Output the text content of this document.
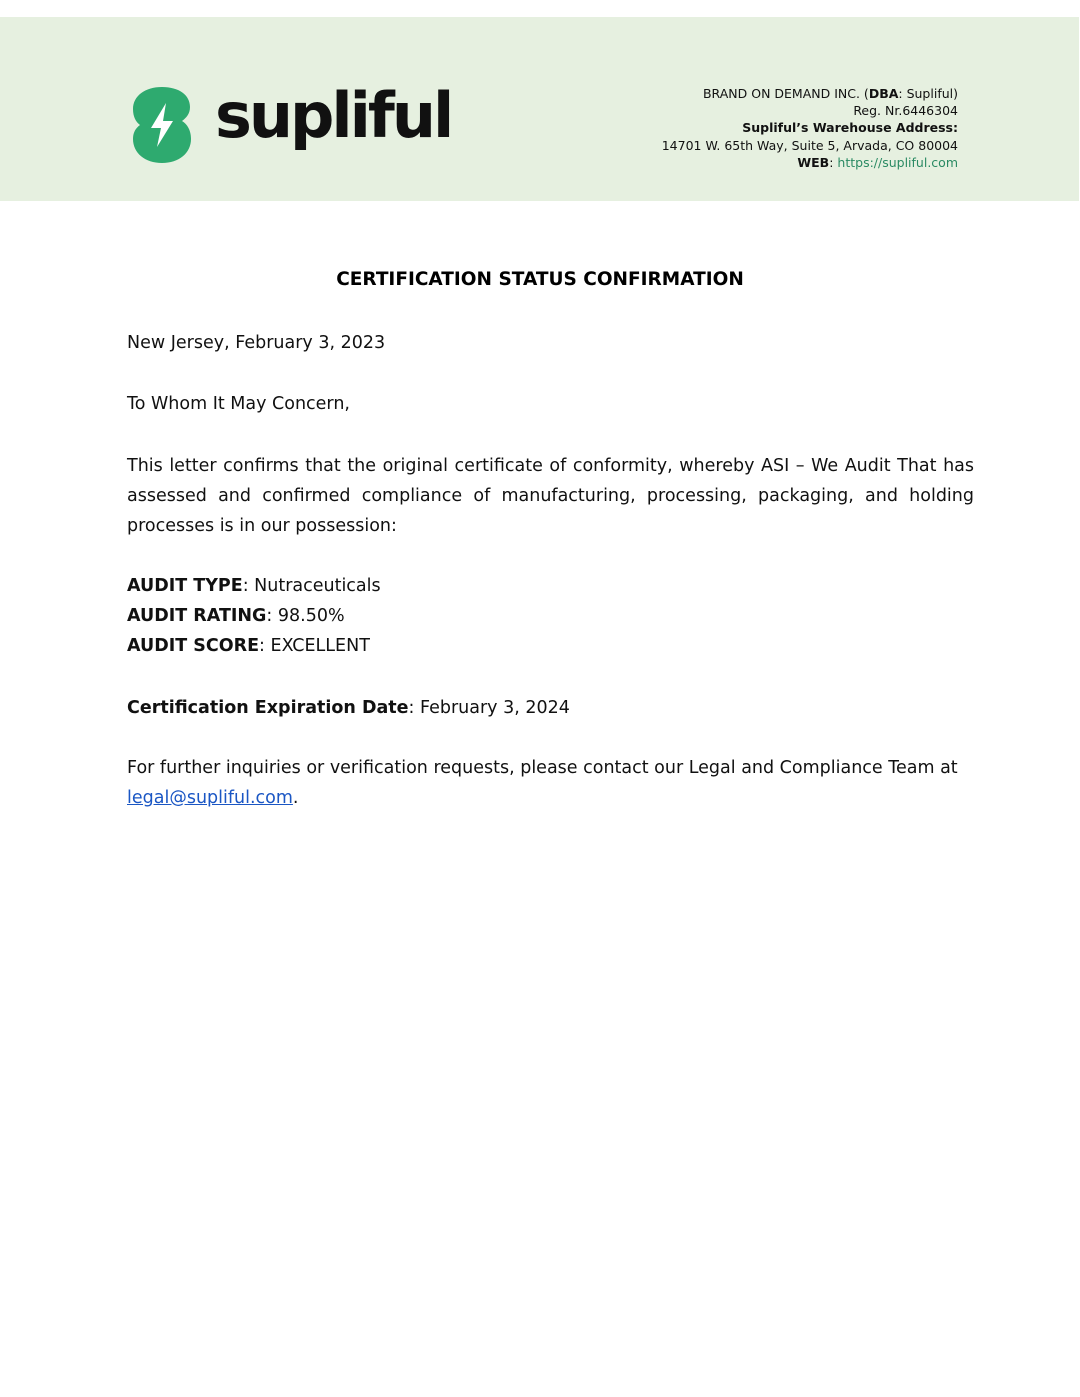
supliful	BRAND ON DEMAND INC. (DBA: Supliful)
Reg. Nr.6446304
Supliful’s Warehouse Address:
14701 W. 65th Way, Suite 5, Arvada, CO 80004
WEB: https://supliful.com
CERTIFICATION STATUS CONFIRMATION
New Jersey, February 3, 2023
To Whom It May Concern,
This letter confirms that the original certificate of conformity, whereby ASI – We Audit That has assessed and confirmed compliance of manufacturing, processing, packaging, and holding processes is in our possession:
AUDIT TYPE: Nutraceuticals
AUDIT RATING: 98.50%
AUDIT SCORE: EXCELLENT
Certification Expiration Date: February 3, 2024
For further inquiries or verification requests, please contact our Legal and Compliance Team at legal@supliful.com.
